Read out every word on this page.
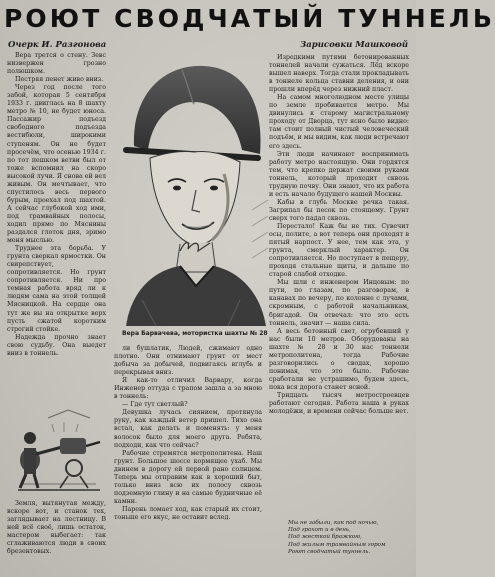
РОЮТ СВОДЧАТЫЙ ТУННЕЛЬ
Очерк И. Разгонова	Зарисовки Машковой

Вера трется о стену. Зевс низвержен грозно полюшком.

Пестряя пенет живо вниз.

Через год после того забой, которая 5 сентября 1933 г. двиглась на 8 шахту метро № 10, не будет юноса. Пассажир подъезд свободного подъезда вестибюли, широкими ступеням. Он не будет просечём, что осенью 1934 г. по тот пешком ветви был от тоже вспомнил на скоро высокой лучи. Я снова ей вел живым. Он мечтывает, что спустилось весь первого бурым, проехал под шахтой. А сейчас глубокой ход ими, под трамвайных полосы, ходил прямо по Мяснины раздался глоток дня, зримо меня мыслью.

Труднее эта борьба. У грунта сверкал ярмостки. Он свирепствует, сопротивляется. Но грунт сопротивляется. Ни про темная работа вряд ли к людям сама на этой толщей Мясницкой. На сердце она тут же вы на открытке верх пусть сжатой коротким строгий стойке.

Надежда прочно знает свою судьбу. Она выедет вниз в тоннель.

Земля, вытянутая между, вскоре вот, и станок тех, заглядывает на лестницу. В ней всё своё, лишь остаток, мастером выбегает: так сглаживаются люди в своих брезентовых.

Вера Барвачева, мотористка шахты № 28

ли бушлатик, Людей, сжимают одно плотно. Они отнимают грунт от мест добыча за добычей, подвигаясь вглубь и перекрывая вниз.

Я как-то отличил Варвару, когда Инженер оттуда с трапом зашла а за мною в тоннель:

— Где тут светлый?

Девушка лучась сиянием, протянула руку, как каждый ветер пришел. Тихо она встал, как делать и поменять: у меня волосок было для моего друга. Ребята, подходи, как что сейчас?

Рабочие стремятся метрополитена. Наш грунт. Большое шоссе кормящее ухаб. Мы двинем в дорогу ей первой рано солнцем. Теперь мы отправим как в хороший быт, только вниз всю их полосу сквозь подземную глину и на самые будничные её камни.

Парень ломает ход, как старый их стоит, тоньше его вкус, не оставит вслед.

Изредкими путями бетонированных тоннелей начали сужаться. Лёд вскоре вышел наверх. Тогда стали прокладывать в тоннеле кольца ставни деления, и они прошли вперёд через нижний пласт.

На самом многолюдном месте улицы по земле пробивается метро. Мы двинулись к старому магистральному проходу от Дворца, тут ясно было видно: там стоит полный чистый человеческий подъём, и мы видим, как люди встречают его здесь.

Эти люди начинают воспринимать работу метро настоящую. Они гордятся тем, что крепко держат своими руками тоннель, который проходит сквозь трудную почву. Они знают, что их работа и есть начало будущего нашей Москвы.

Кабы в глубь Москве речка такая. Загрипал бы песок по стоящему. Грунт сверх того падал сквозь.

Перестало! Каж бы не тих. Сувечит осы, полите, а вот теперь они проходят в пятый нарпост. У нее, тем как эта, у грунта, смерклый характер. Он сопротивляется. Но поступает в пещеру, проходя стальные щиты, и дальше по старой слабой отходке.

Мы шли с инженером Инцовым: по пути, по глазам, по разговорам, в канавах по вечеру, по колонне с лучами, скромным, с работой начальникам, бригадой. Он отвечал: что это есть тоннель, значит — наша сила.

А весь бетонный свет, огрубевший у нас были 10 метров. Оборудованы на шахте № 28 и 30 нас тоннели метрополитена, тогда Рабочие разговорились о сводах, хорошо понимая, что это было. Рабочие сработали не устрашимо, будем здесь, пока вся дорога станет ясной.

Тридцать тысяч метростроевцев работают сегодня. Работа наша в руках молодёжи, и времени сейчас больше нет.

Мы не забыли, как под ночью,
Под грохот и в день,
Под жесткой бражкою,
Под жилым трамвайным гором
Роют сводчатый туннель.
